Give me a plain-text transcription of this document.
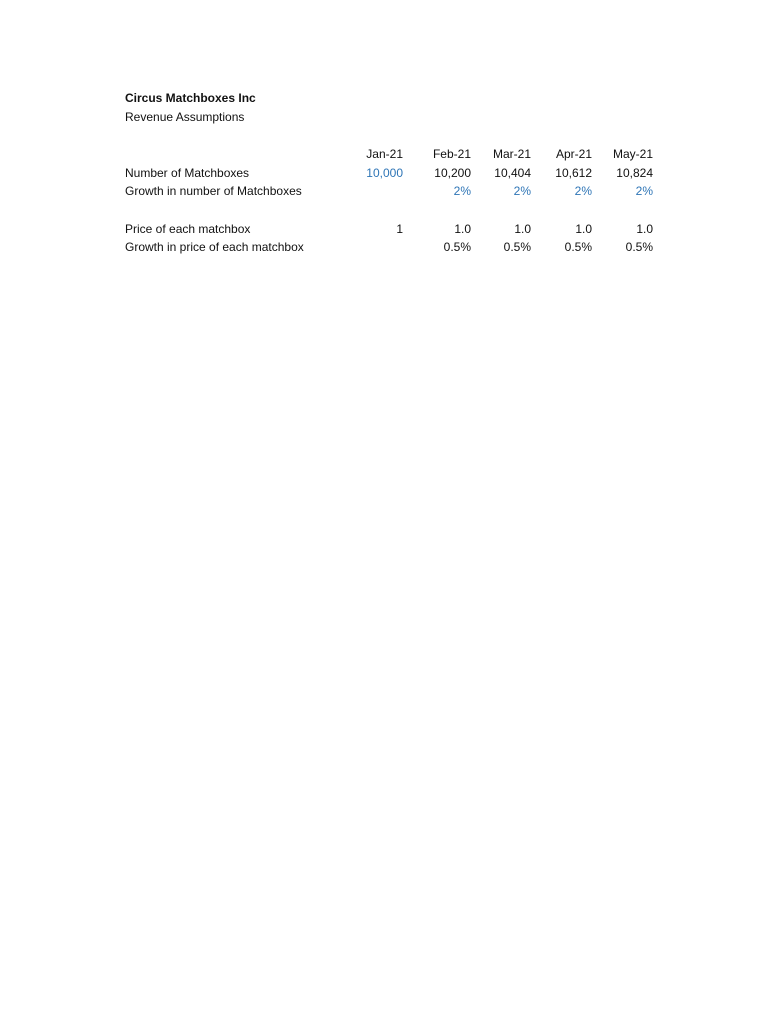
Circus Matchboxes Inc
Revenue Assumptions
	Jan-21	Feb-21	Mar-21	Apr-21	May-21
Number of Matchboxes	10,000	10,200	10,404	10,612	10,824
Growth in number of Matchboxes		2%	2%	2%	2%

Price of each matchbox	1	1.0	1.0	1.0	1.0
Growth in price of each matchbox		0.5%	0.5%	0.5%	0.5%
